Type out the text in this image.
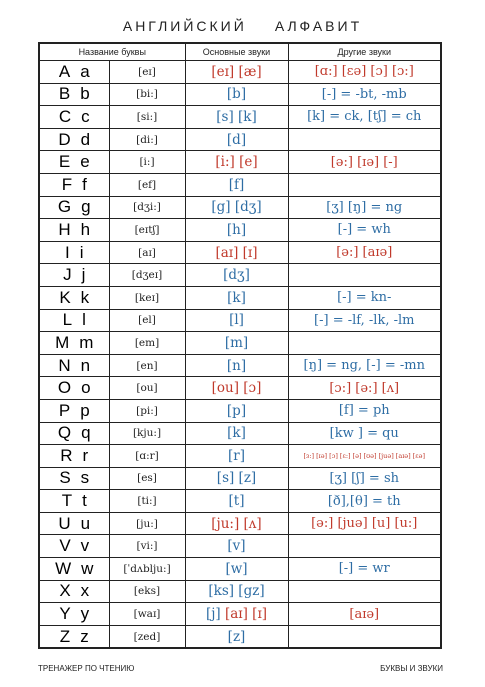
АНГЛИЙСКИЙ АЛФАВИТ
Название буквы		Основные звуки	Другие звуки
A a	[eɪ]	[eɪ] [æ]	[ɑ:] [ɛə] [ɔ] [ɔ:]
B b	[bi:]	[b]	[-] = -bt, -mb
C c	[si:]	[s] [k]	[k] = ck, [tʃ] = ch
D d	[di:]	[d]	
E e	[i:]	[i:] [e]	[ə:] [ɪə] [-]
F f	[ef]	[f]	
G g	[dʒi:]	[g] [dʒ]	[ʒ] [ŋ] = ng
H h	[eɪtʃ]	[h]	[-] = wh
I i	[aɪ]	[aɪ] [ɪ]	[ə:] [aɪə]
J j	[dʒeɪ]	[dʒ]	
K k	[keɪ]	[k]	[-] = kn-
L l	[el]	[l]	[-] = -lf, -lk, -lm
M m	[em]	[m]	
N n	[en]	[n]	[ŋ] = ng, [-] = -mn
O o	[ou]	[ou] [ɔ]	[ɔ:] [ə:] [ʌ]
P p	[pi:]	[p]	[f] = ph
Q q	[kju:]	[k]	[kw ] = qu
R r	[ɑ:r]	[r]	[ɜ:] [ɪə] [ɔ] [ɛ:] [ə] [ʊə] [juə] [aɪə] [ɛə]
S s	[es]	[s] [z]	[ʒ] [ʃ] = sh
T t	[ti:]	[t]	[ð],[θ] = th
U u	[ju:]	[ju:] [ʌ]	[ə:] [juə] [u] [u:]
V v	[vi:]	[v]	
W w	[ˈdʌblju:]	[w]	[-] = wr
X x	[eks]	[ks] [gz]	
Y y	[waɪ]	[j] [aɪ] [ɪ]	[aɪə]
Z z	[zed]	[z]	
ТРЕНАЖЕР ПО ЧТЕНИЮ	БУКВЫ И ЗВУКИ
